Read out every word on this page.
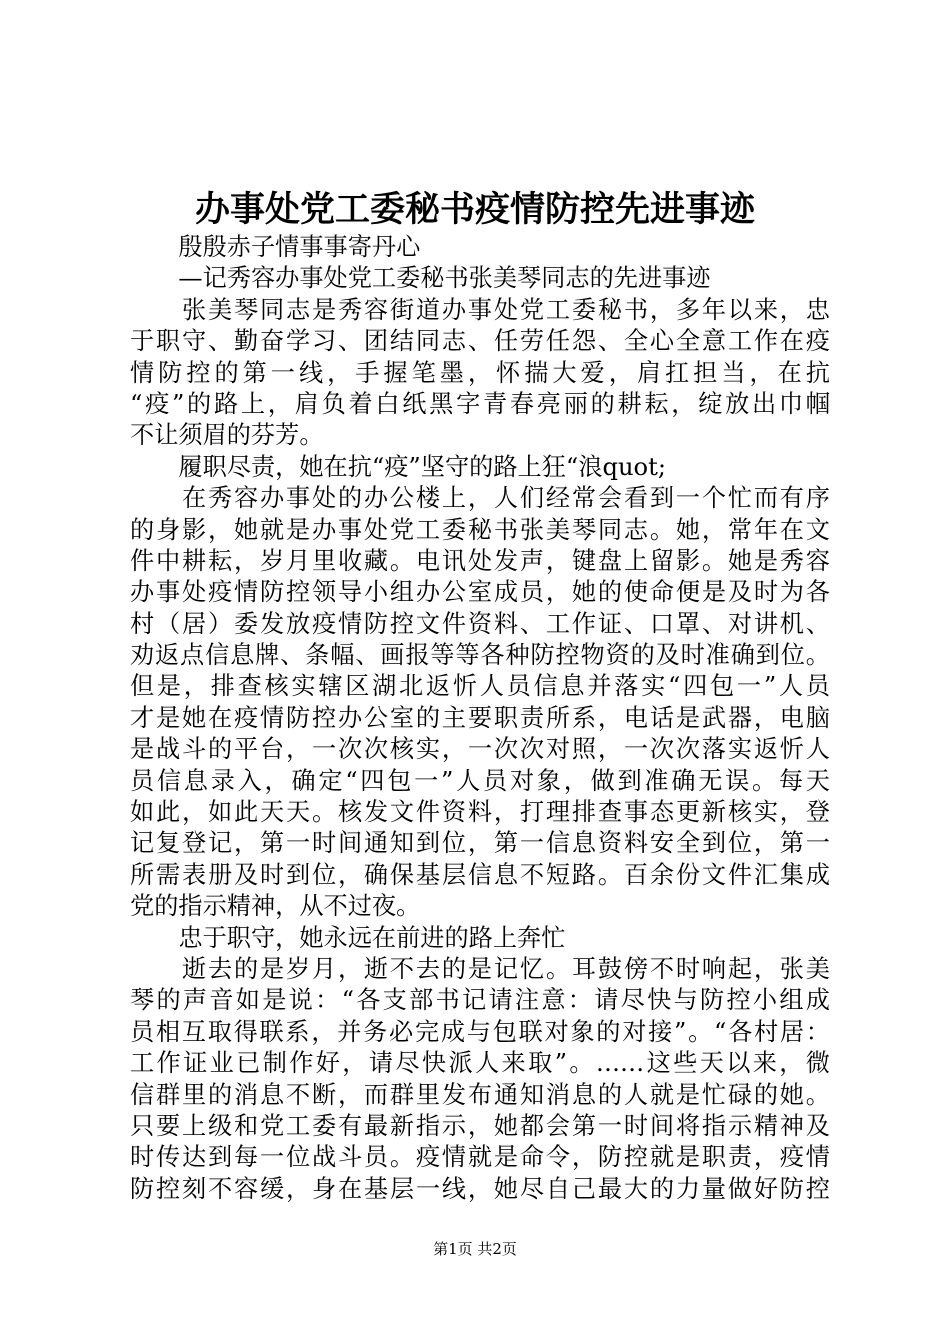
办事处党工委秘书疫情防控先进事迹
　　殷殷赤子情事事寄丹心
　　—记秀容办事处党工委秘书张美琴同志的先进事迹
　　张美琴同志是秀容街道办事处党工委秘书，多年以来，忠
于职守、勤奋学习、团结同志、任劳任怨、全心全意工作在疫
情防控的第一线，手握笔墨，怀揣大爱，肩扛担当，在抗
“疫”的路上，肩负着白纸黑字青春亮丽的耕耘，绽放出巾帼
不让须眉的芬芳。
　　履职尽责，她在抗“疫”坚守的路上狂“浪quot;
　　在秀容办事处的办公楼上，人们经常会看到一个忙而有序
的身影，她就是办事处党工委秘书张美琴同志。她，常年在文
件中耕耘，岁月里收藏。电讯处发声，键盘上留影。她是秀容
办事处疫情防控领导小组办公室成员，她的使命便是及时为各
村（居）委发放疫情防控文件资料、工作证、口罩、对讲机、
劝返点信息牌、条幅、画报等等各种防控物资的及时准确到位。
但是，排查核实辖区湖北返忻人员信息并落实“四包一”人员
才是她在疫情防控办公室的主要职责所系，电话是武器，电脑
是战斗的平台，一次次核实，一次次对照，一次次落实返忻人
员信息录入，确定“四包一”人员对象，做到准确无误。每天
如此，如此天天。核发文件资料，打理排查事态更新核实，登
记复登记，第一时间通知到位，第一信息资料安全到位，第一
所需表册及时到位，确保基层信息不短路。百余份文件汇集成
党的指示精神，从不过夜。
　　忠于职守，她永远在前进的路上奔忙
　　逝去的是岁月，逝不去的是记忆。耳鼓傍不时响起，张美
琴的声音如是说：“各支部书记请注意：请尽快与防控小组成
员相互取得联系，并务必完成与包联对象的对接”。“各村居：
工作证业已制作好，请尽快派人来取”。……这些天以来，微
信群里的消息不断，而群里发布通知消息的人就是忙碌的她。
只要上级和党工委有最新指示，她都会第一时间将指示精神及
时传达到每一位战斗员。疫情就是命令，防控就是职责，疫情
防控刻不容缓，身在基层一线，她尽自己最大的力量做好防控
第1页 共2页
